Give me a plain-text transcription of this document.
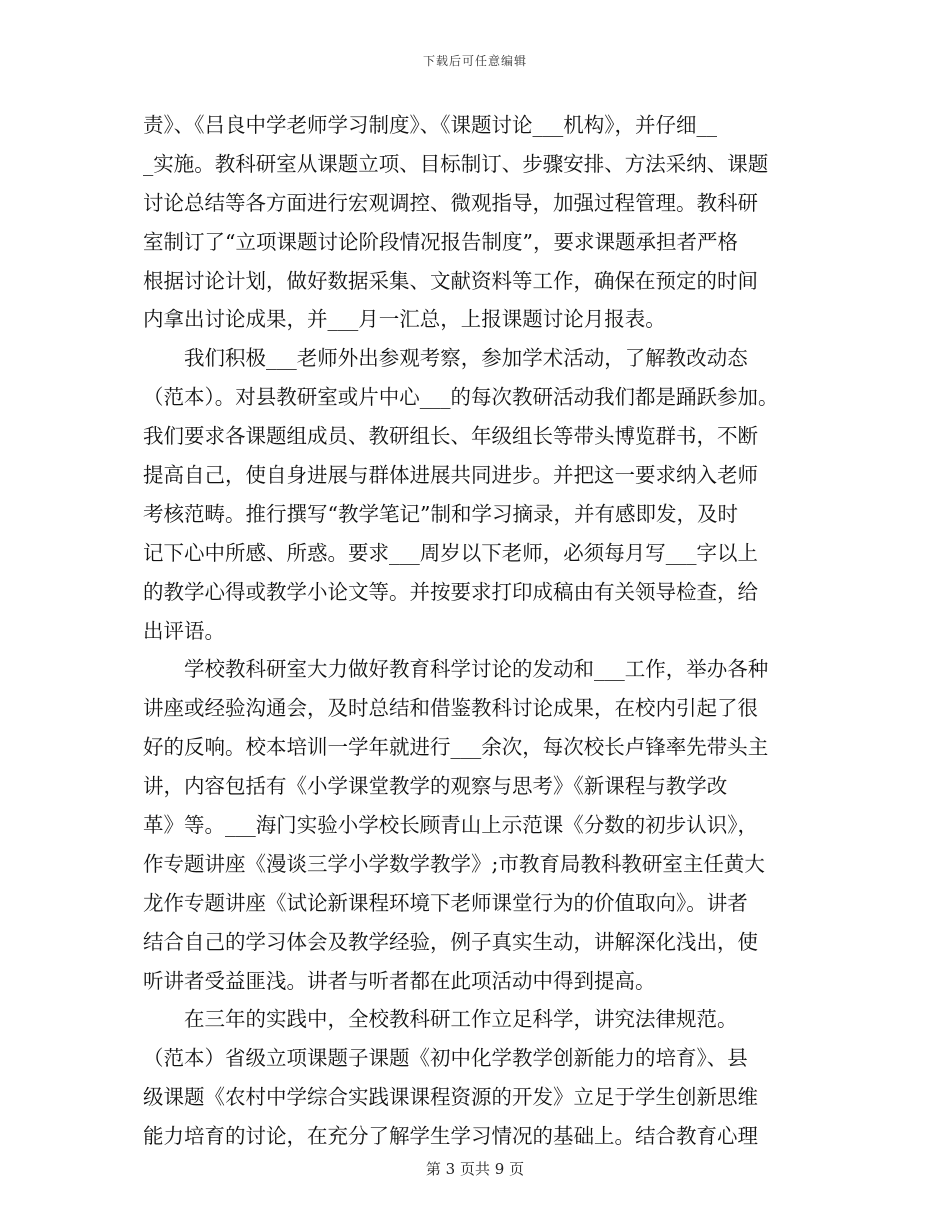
下载后可任意编辑
责》、《吕良中学老师学习制度》、《课题讨论___机构》，并仔细__
_实施。教科研室从课题立项、目标制订、步骤安排、方法采纳、课题
讨论总结等各方面进行宏观调控、微观指导，加强过程管理。教科研
室制订了“立项课题讨论阶段情况报告制度”，要求课题承担者严格
根据讨论计划，做好数据采集、文献资料等工作，确保在预定的时间
内拿出讨论成果，并___月一汇总，上报课题讨论月报表。
我们积极___老师外出参观考察，参加学术活动，了解教改动态
（范本）。对县教研室或片中心___的每次教研活动我们都是踊跃参加。
我们要求各课题组成员、教研组长、年级组长等带头博览群书，不断
提高自己，使自身进展与群体进展共同进步。并把这一要求纳入老师
考核范畴。推行撰写“教学笔记”制和学习摘录，并有感即发，及时
记下心中所感、所惑。要求___周岁以下老师，必须每月写___字以上
的教学心得或教学小论文等。并按要求打印成稿由有关领导检查，给
出评语。
学校教科研室大力做好教育科学讨论的发动和___工作，举办各种
讲座或经验沟通会，及时总结和借鉴教科讨论成果，在校内引起了很
好的反响。校本培训一学年就进行___余次，每次校长卢锋率先带头主
讲，内容包括有《小学课堂教学的观察与思考》《新课程与教学改
革》等。___海门实验小学校长顾青山上示范课《分数的初步认识》，
作专题讲座《漫谈三学小学数学教学》;市教育局教科教研室主任黄大
龙作专题讲座《试论新课程环境下老师课堂行为的价值取向》。讲者
结合自己的学习体会及教学经验，例子真实生动，讲解深化浅出，使
听讲者受益匪浅。讲者与听者都在此项活动中得到提高。
在三年的实践中，全校教科研工作立足科学，讲究法律规范。
（范本）省级立项课题子课题《初中化学教学创新能力的培育》、县
级课题《农村中学综合实践课课程资源的开发》立足于学生创新思维
能力培育的讨论，在充分了解学生学习情况的基础上。结合教育心理
第 3 页共 9 页
